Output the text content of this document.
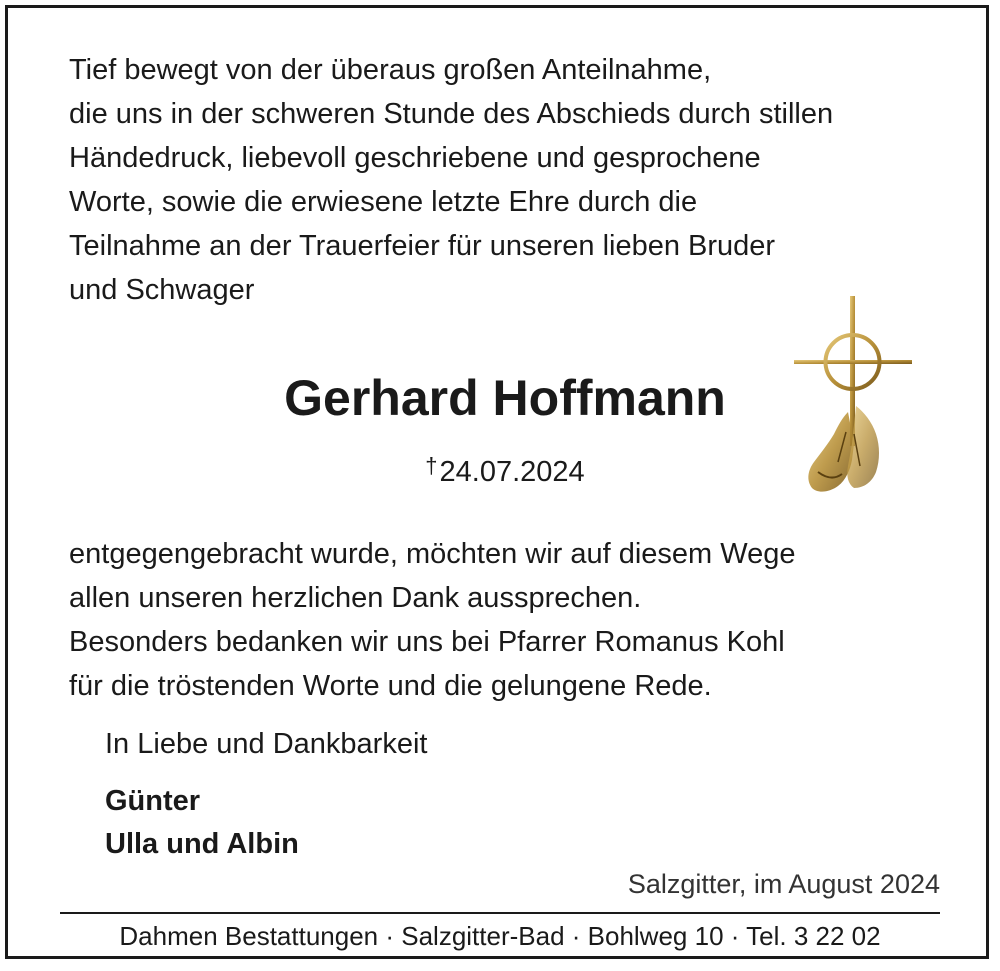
Tief bewegt von der überaus großen Anteilnahme,
die uns in der schweren Stunde des Abschieds durch stillen
Händedruck, liebevoll geschriebene und gesprochene
Worte, sowie die erwiesene letzte Ehre durch die
Teilnahme an der Trauerfeier für unseren lieben Bruder
und Schwager
Gerhard Hoffmann
†24.07.2024
entgegengebracht wurde, möchten wir auf diesem Wege
allen unseren herzlichen Dank aussprechen.
Besonders bedanken wir uns bei Pfarrer Romanus Kohl
für die tröstenden Worte und die gelungene Rede.
In Liebe und Dankbarkeit
Günter
Ulla und Albin
Salzgitter, im August 2024
Dahmen Bestattungen · Salzgitter-Bad · Bohlweg 10 · Tel. 3 22 02
